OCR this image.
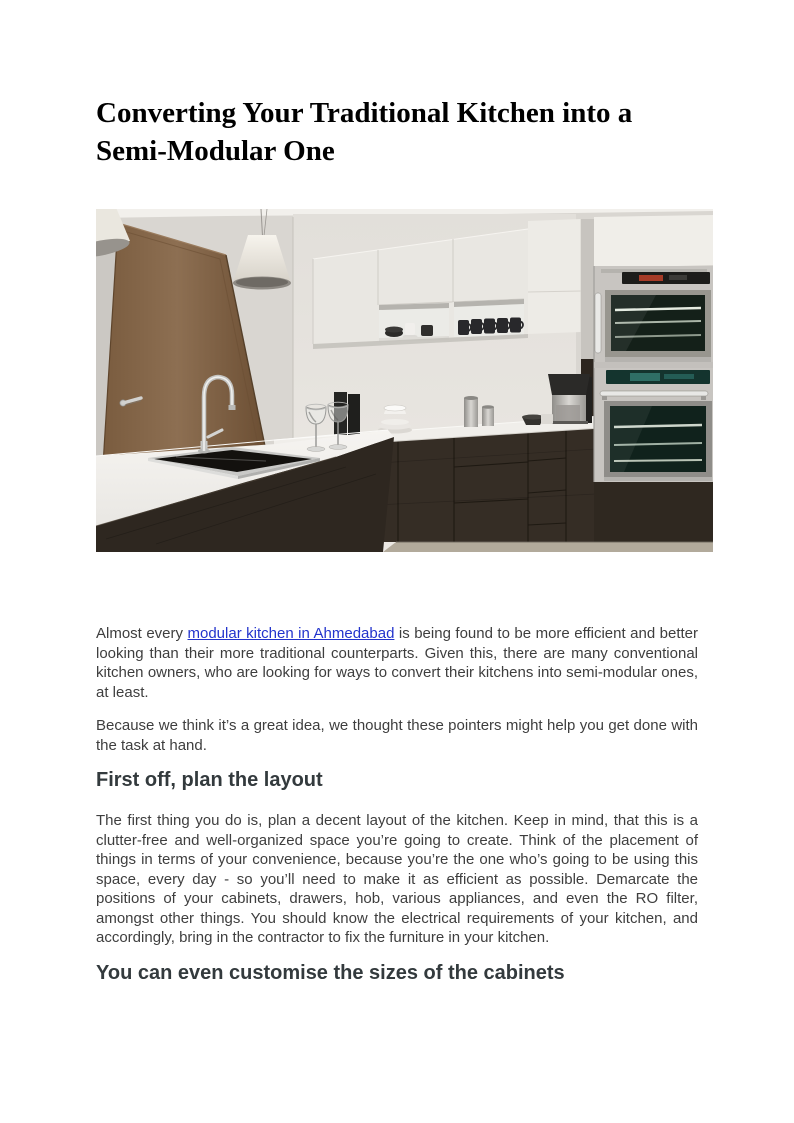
Converting Your Traditional Kitchen into a Semi-Modular One

Almost every modular kitchen in Ahmedabad is being found to be more efficient and better looking than their more traditional counterparts. Given this, there are many conventional kitchen owners, who are looking for ways to convert their kitchens into semi-modular ones, at least.

Because we think it’s a great idea, we thought these pointers might help you get done with the task at hand.

First off, plan the layout

The first thing you do is, plan a decent layout of the kitchen. Keep in mind, that this is a clutter-free and well-organized space you’re going to create. Think of the placement of things in terms of your convenience, because you’re the one who’s going to be using this space, every day - so you’ll need to make it as efficient as possible. Demarcate the positions of your cabinets, drawers, hob, various appliances, and even the RO filter, amongst other things. You should know the electrical requirements of your kitchen, and accordingly, bring in the contractor to fix the furniture in your kitchen.

You can even customise the sizes of the cabinets
